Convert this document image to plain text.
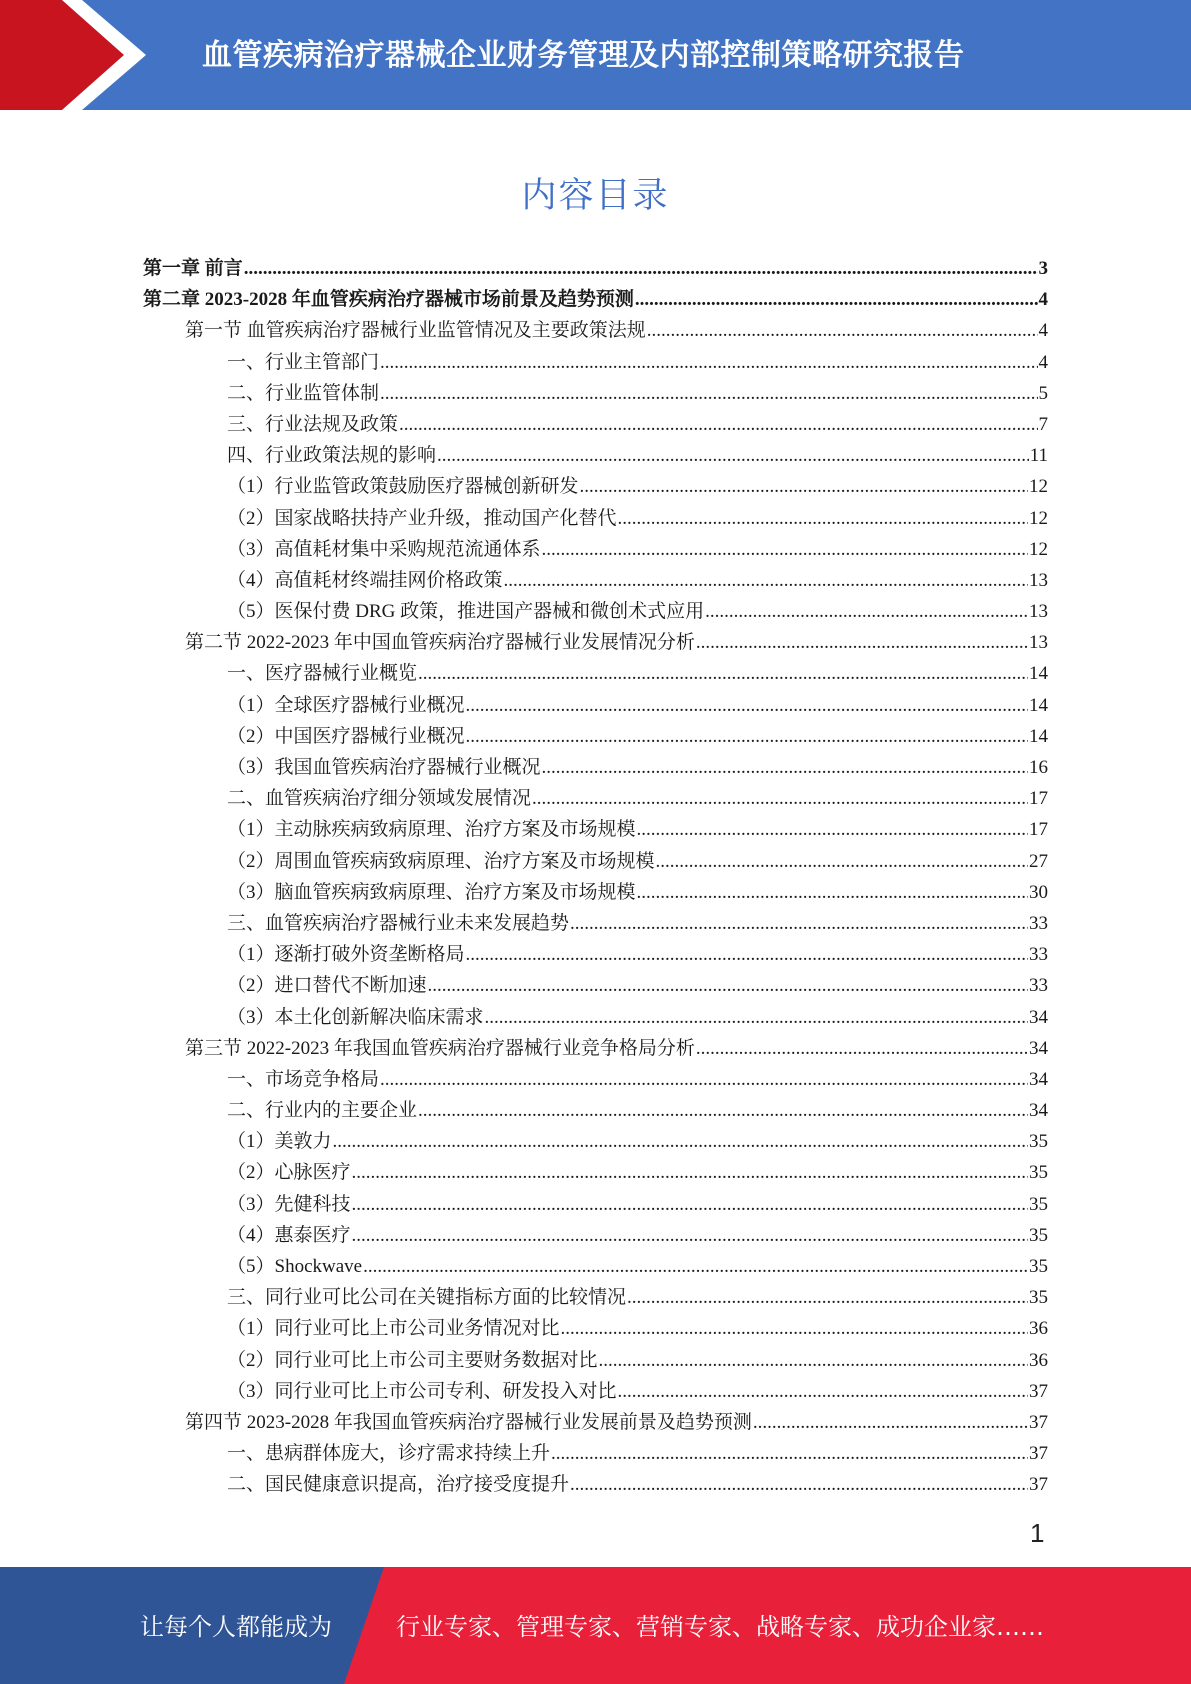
血管疾病治疗器械企业财务管理及内部控制策略研究报告
内容目录
第一章 前言 .....	3
第二章 2023-2028 年血管疾病治疗器械市场前景及趋势预测 .....	4
第一节 血管疾病治疗器械行业监管情况及主要政策法规 .....	4
一、行业主管部门 .....	4
二、行业监管体制 .....	5
三、行业法规及政策 .....	7
四、行业政策法规的影响 .....	11
（1）行业监管政策鼓励医疗器械创新研发 .....	12
（2）国家战略扶持产业升级，推动国产化替代 .....	12
（3）高值耗材集中采购规范流通体系 .....	12
（4）高值耗材终端挂网价格政策 .....	13
（5）医保付费 DRG 政策，推进国产器械和微创术式应用 .....	13
第二节 2022-2023 年中国血管疾病治疗器械行业发展情况分析 .....	13
一、医疗器械行业概览 .....	14
（1）全球医疗器械行业概况 .....	14
（2）中国医疗器械行业概况 .....	14
（3）我国血管疾病治疗器械行业概况 .....	16
二、血管疾病治疗细分领域发展情况 .....	17
（1）主动脉疾病致病原理、治疗方案及市场规模 .....	17
（2）周围血管疾病致病原理、治疗方案及市场规模 .....	27
（3）脑血管疾病致病原理、治疗方案及市场规模 .....	30
三、血管疾病治疗器械行业未来发展趋势 .....	33
（1）逐渐打破外资垄断格局 .....	33
（2）进口替代不断加速 .....	33
（3）本土化创新解决临床需求 .....	34
第三节 2022-2023 年我国血管疾病治疗器械行业竞争格局分析 .....	34
一、市场竞争格局 .....	34
二、行业内的主要企业 .....	34
（1）美敦力 .....	35
（2）心脉医疗 .....	35
（3）先健科技 .....	35
（4）惠泰医疗 .....	35
（5）Shockwave .....	35
三、同行业可比公司在关键指标方面的比较情况 .....	35
（1）同行业可比上市公司业务情况对比 .....	36
（2）同行业可比上市公司主要财务数据对比 .....	36
（3）同行业可比上市公司专利、研发投入对比 .....	37
第四节 2023-2028 年我国血管疾病治疗器械行业发展前景及趋势预测 .....	37
一、患病群体庞大，诊疗需求持续上升 .....	37
二、国民健康意识提高，治疗接受度提升 .....	37
1
让每个人都能成为	行业专家、管理专家、营销专家、战略专家、成功企业家……
